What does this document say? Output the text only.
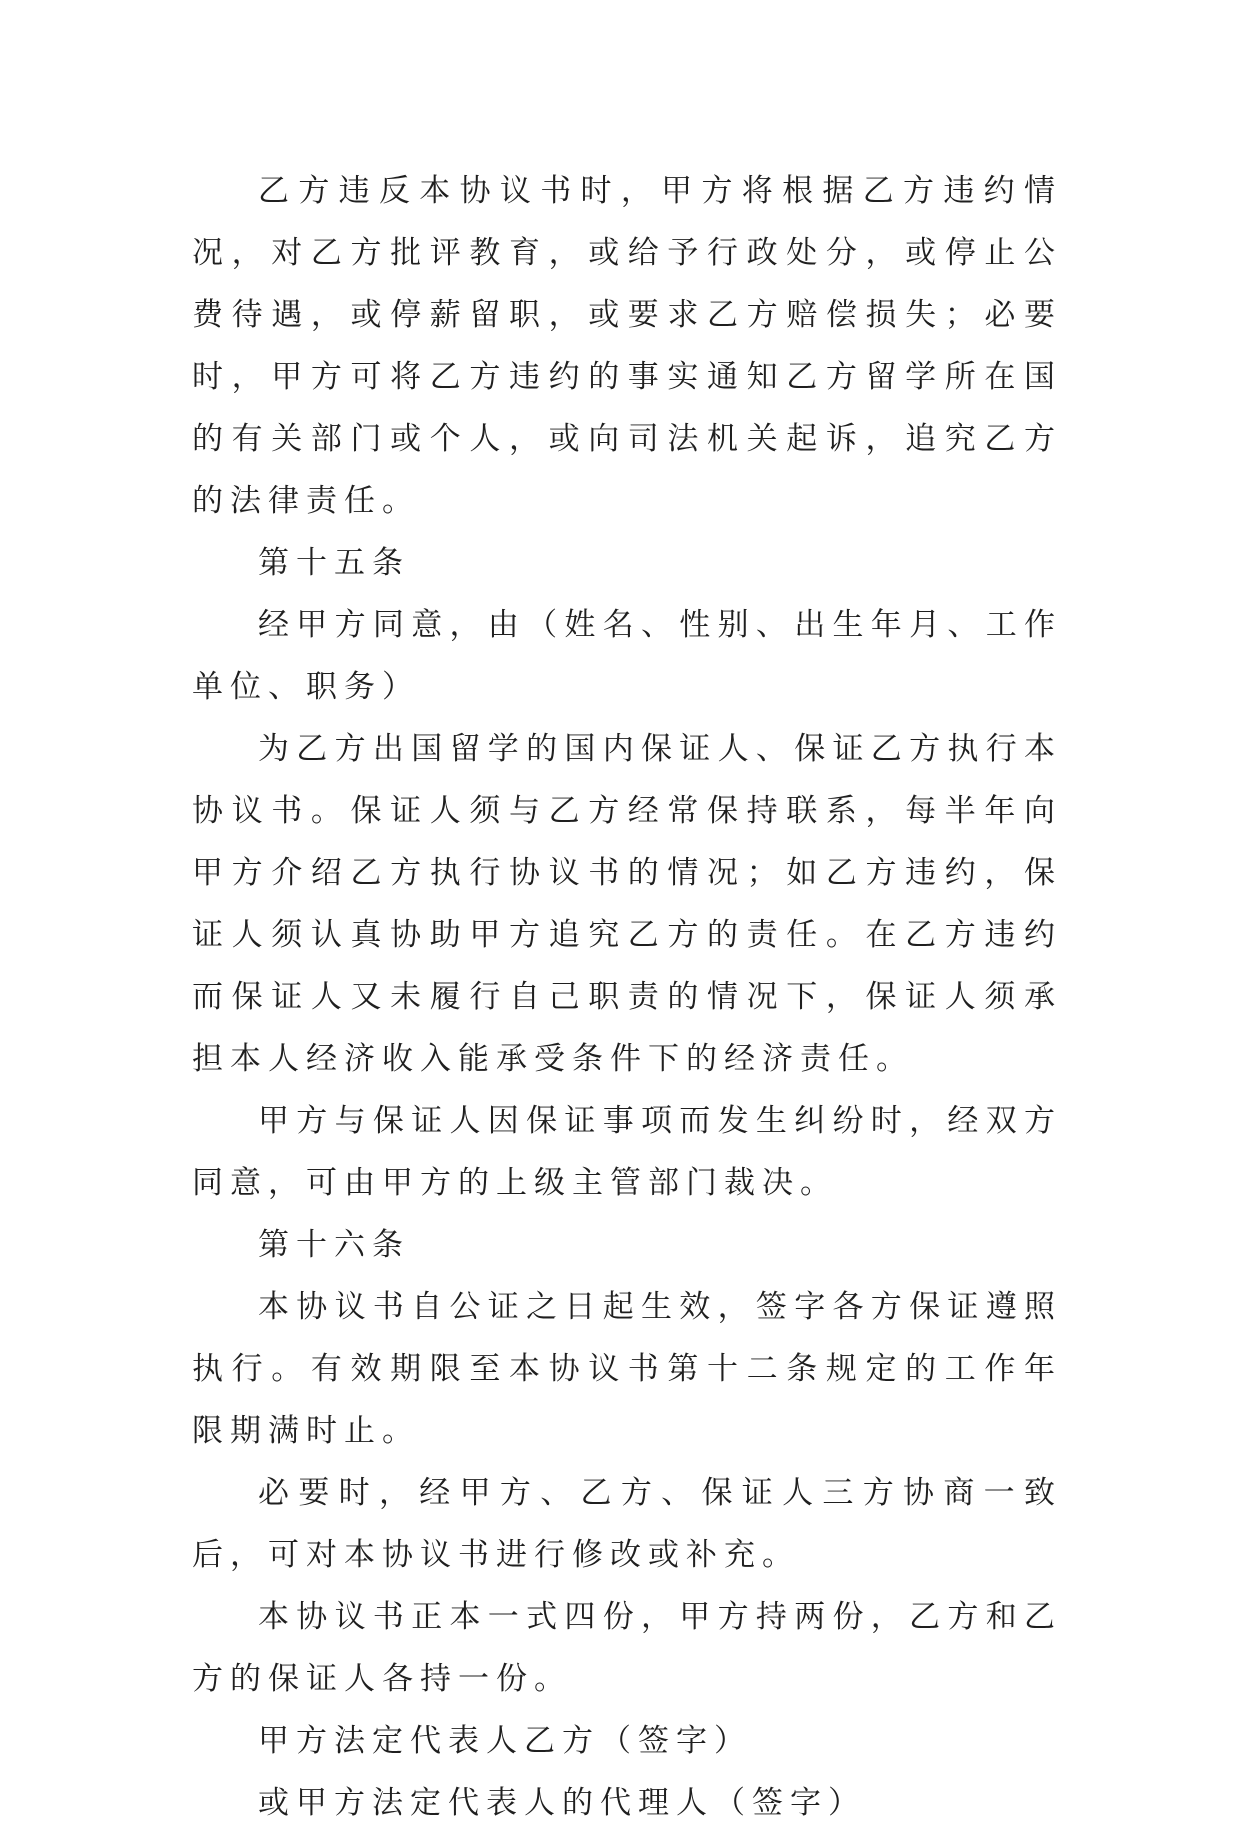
乙方违反本协议书时，甲方将根据乙方违约情况，对乙方批评教育，或给予行政处分，或停止公费待遇，或停薪留职，或要求乙方赔偿损失；必要时，甲方可将乙方违约的事实通知乙方留学所在国的有关部门或个人，或向司法机关起诉，追究乙方的法律责任。

第十五条

经甲方同意，由（姓名、性别、出生年月、工作单位、职务）

为乙方出国留学的国内保证人、保证乙方执行本协议书。保证人须与乙方经常保持联系，每半年向甲方介绍乙方执行协议书的情况；如乙方违约，保证人须认真协助甲方追究乙方的责任。在乙方违约而保证人又未履行自己职责的情况下，保证人须承担本人经济收入能承受条件下的经济责任。

甲方与保证人因保证事项而发生纠纷时，经双方同意，可由甲方的上级主管部门裁决。

第十六条

本协议书自公证之日起生效，签字各方保证遵照执行。有效期限至本协议书第十二条规定的工作年限期满时止。

必要时，经甲方、乙方、保证人三方协商一致后，可对本协议书进行修改或补充。

本协议书正本一式四份，甲方持两份，乙方和乙方的保证人各持一份。

甲方法定代表人乙方（签字）

或甲方法定代表人的代理人（签字）
